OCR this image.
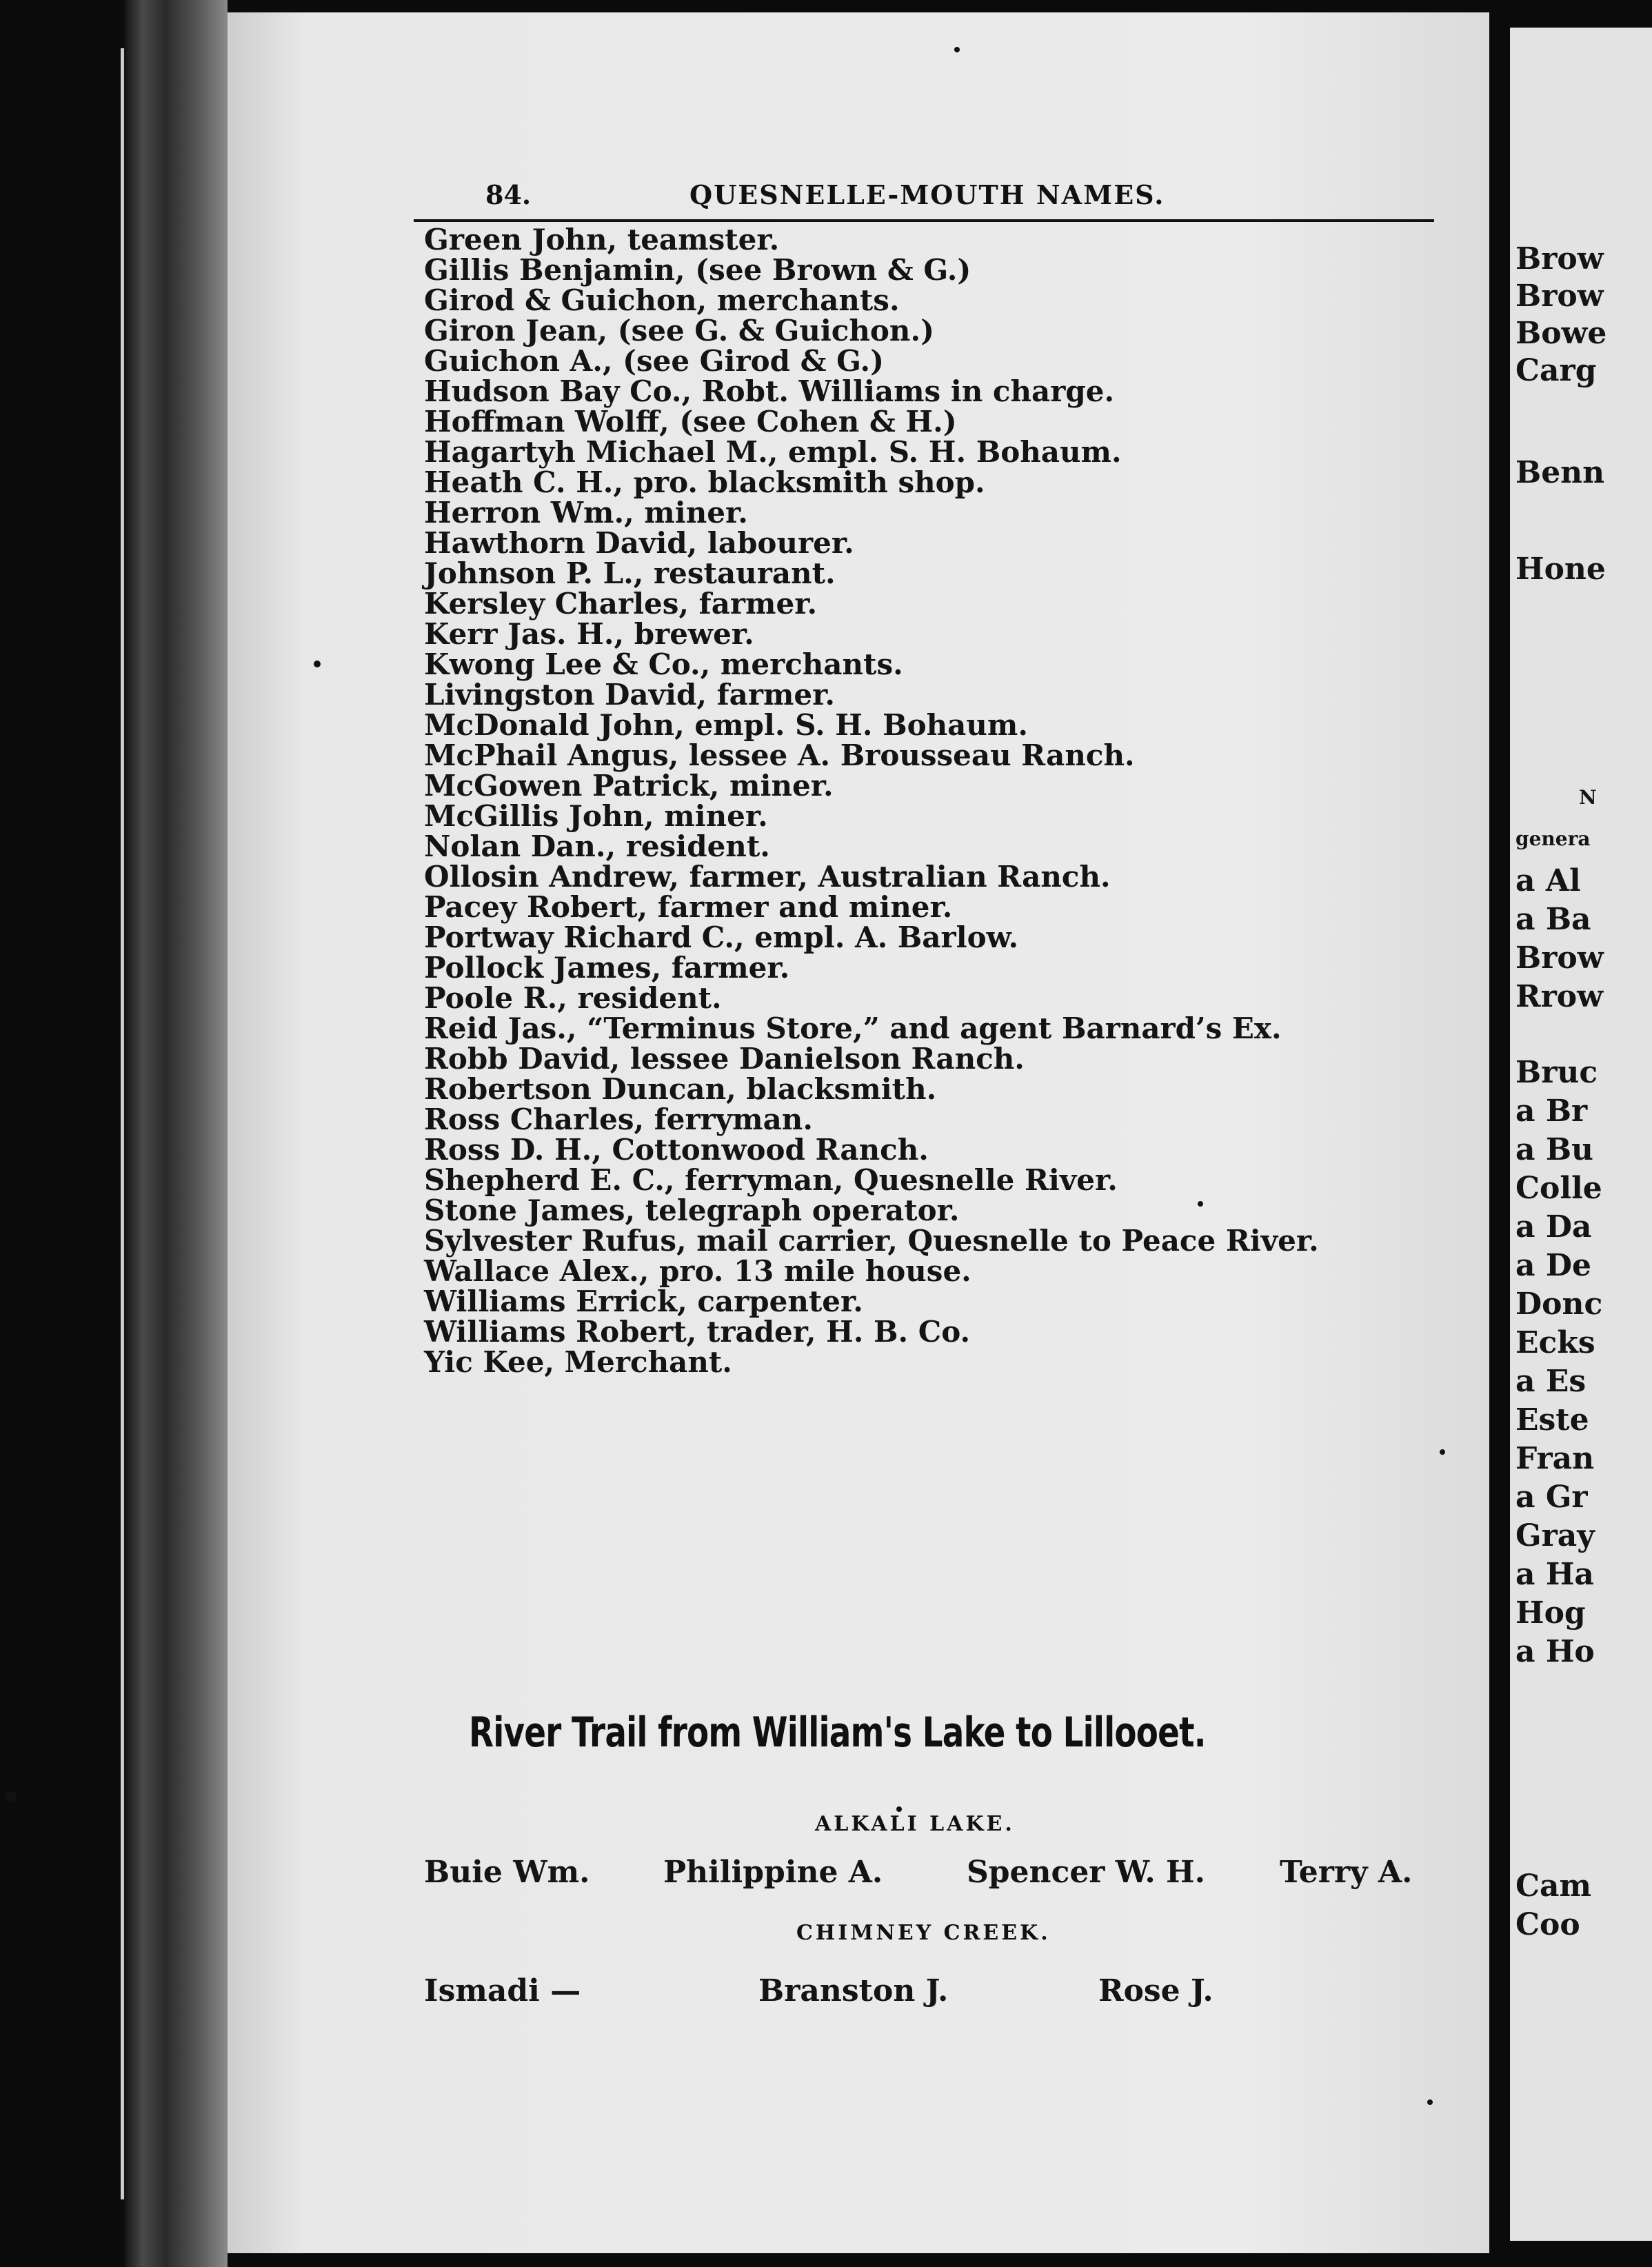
84.	QUESNELLE-MOUTH NAMES.
Green John, teamster.
Gillis Benjamin, (see Brown & G.)
Girod & Guichon, merchants.
Giron Jean, (see G. & Guichon.)
Guichon A., (see Girod & G.)
Hudson Bay Co., Robt. Williams in charge.
Hoffman Wolff, (see Cohen & H.)
Hagartyh Michael M., empl. S. H. Bohaum.
Heath C. H., pro. blacksmith shop.
Herron Wm., miner.
Hawthorn David, labourer.
Johnson P. L., restaurant.
Kersley Charles, farmer.
Kerr Jas. H., brewer.
Kwong Lee & Co., merchants.
Livingston David, farmer.
McDonald John, empl. S. H. Bohaum.
McPhail Angus, lessee A. Brousseau Ranch.
McGowen Patrick, miner.
McGillis John, miner.
Nolan Dan., resident.
Ollosin Andrew, farmer, Australian Ranch.
Pacey Robert, farmer and miner.
Portway Richard C., empl. A. Barlow.
Pollock James, farmer.
Poole R., resident.
Reid Jas., “Terminus Store,” and agent Barnard’s Ex.
Robb David, lessee Danielson Ranch.
Robertson Duncan, blacksmith.
Ross Charles, ferryman.
Ross D. H., Cottonwood Ranch.
Shepherd E. C., ferryman, Quesnelle River.
Stone James, telegraph operator.
Sylvester Rufus, mail carrier, Quesnelle to Peace River.
Wallace Alex., pro. 13 mile house.
Williams Errick, carpenter.
Williams Robert, trader, H. B. Co.
Yic Kee, Merchant.
River Trail from William's Lake to Lillooet.
ALKALI LAKE.
Buie Wm. Philippine A.	Spencer W. H. Terry A.
CHIMNEY CREEK.
Ismadi —	Branston J.	Rose J.
Brow
Brow
Bowe
Carg
Benn
Hone
N
genera
a Al
a Ba
Brow
Rrow
Bruc
a Br
a Bu
Colle
a Da
a De
Donc
Ecks
a Es
Este
Fran
a Gr
Gray
a Ha
Hog
a Ho
Cam
Coo
